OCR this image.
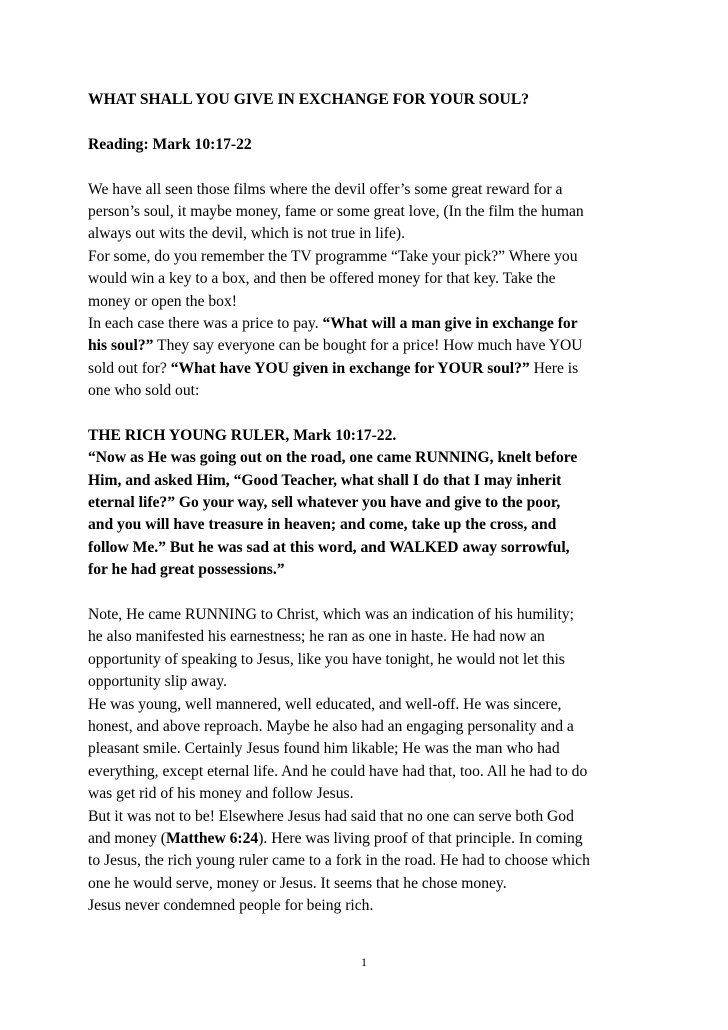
WHAT SHALL YOU GIVE IN EXCHANGE FOR YOUR SOUL?
Reading: Mark 10:17-22
We have all seen those films where the devil offer’s some great reward for a
person’s soul, it maybe money, fame or some great love, (In the film the human
always out wits the devil, which is not true in life).
For some, do you remember the TV programme “Take your pick?” Where you
would win a key to a box, and then be offered money for that key. Take the
money or open the box!
In each case there was a price to pay. “What will a man give in exchange for
his soul?” They say everyone can be bought for a price! How much have YOU
sold out for? “What have YOU given in exchange for YOUR soul?” Here is
one who sold out:
THE RICH YOUNG RULER, Mark 10:17-22.
“Now as He was going out on the road, one came RUNNING, knelt before
Him, and asked Him, “Good Teacher, what shall I do that I may inherit
eternal life?” Go your way, sell whatever you have and give to the poor,
and you will have treasure in heaven; and come, take up the cross, and
follow Me.” But he was sad at this word, and WALKED away sorrowful,
for he had great possessions.”
Note, He came RUNNING to Christ, which was an indication of his humility;
he also manifested his earnestness; he ran as one in haste. He had now an
opportunity of speaking to Jesus, like you have tonight, he would not let this
opportunity slip away.
He was young, well mannered, well educated, and well-off. He was sincere,
honest, and above reproach. Maybe he also had an engaging personality and a
pleasant smile. Certainly Jesus found him likable; He was the man who had
everything, except eternal life. And he could have had that, too. All he had to do
was get rid of his money and follow Jesus.
But it was not to be! Elsewhere Jesus had said that no one can serve both God
and money (Matthew 6:24). Here was living proof of that principle. In coming
to Jesus, the rich young ruler came to a fork in the road. He had to choose which
one he would serve, money or Jesus. It seems that he chose money.
Jesus never condemned people for being rich.
1
